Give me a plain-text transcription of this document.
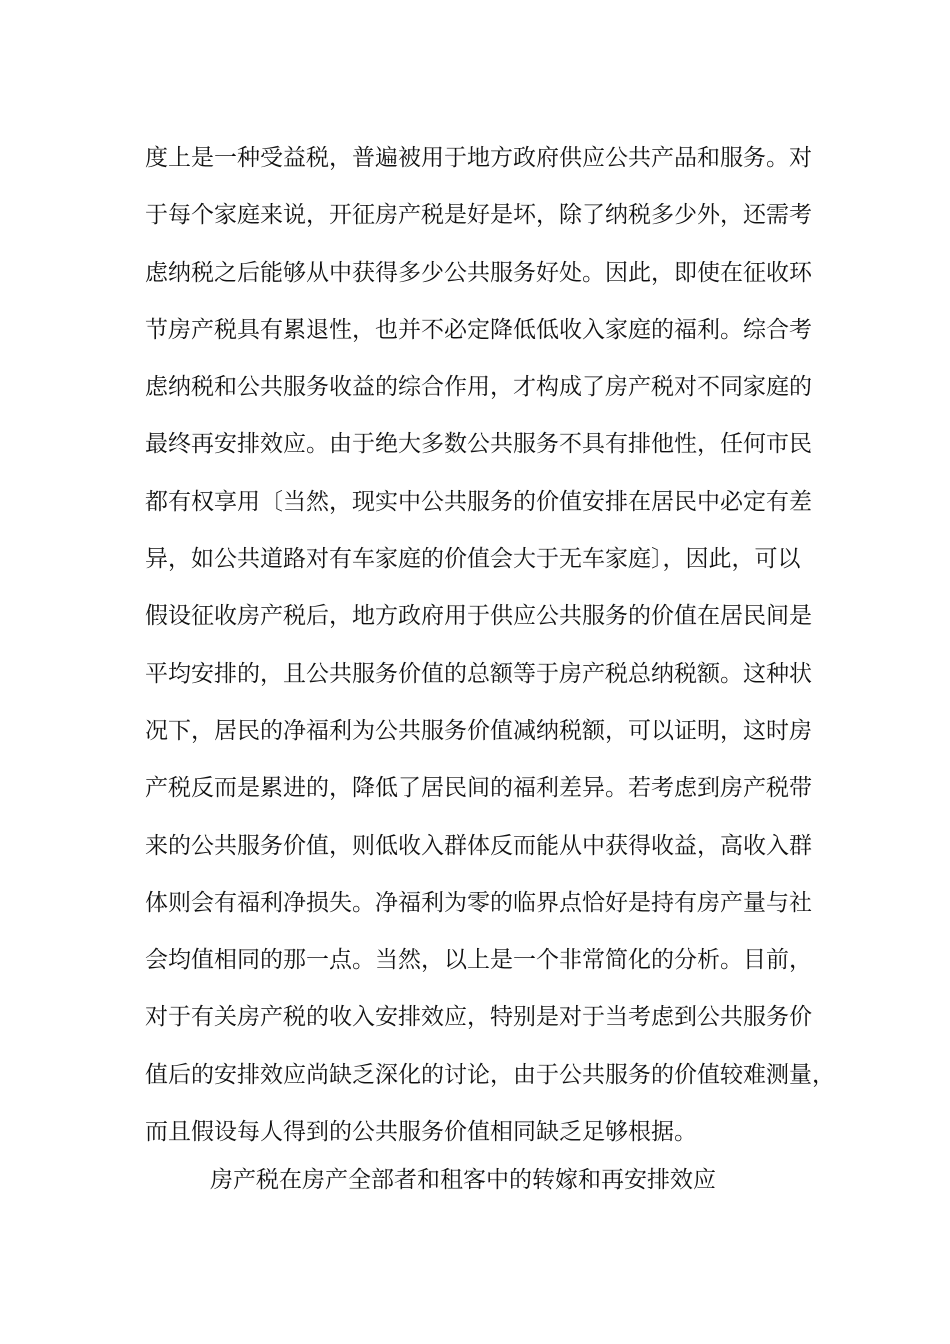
度上是一种受益税，普遍被用于地方政府供应公共产品和服务。对
于每个家庭来说，开征房产税是好是坏，除了纳税多少外，还需考
虑纳税之后能够从中获得多少公共服务好处。因此，即使在征收环
节房产税具有累退性，也并不必定降低低收入家庭的福利。综合考
虑纳税和公共服务收益的综合作用，才构成了房产税对不同家庭的
最终再安排效应。由于绝大多数公共服务不具有排他性，任何市民
都有权享用〔当然，现实中公共服务的价值安排在居民中必定有差
异，如公共道路对有车家庭的价值会大于无车家庭〕，因此，可以
假设征收房产税后，地方政府用于供应公共服务的价值在居民间是
平均安排的，且公共服务价值的总额等于房产税总纳税额。这种状
况下，居民的净福利为公共服务价值减纳税额，可以证明，这时房
产税反而是累进的，降低了居民间的福利差异。若考虑到房产税带
来的公共服务价值，则低收入群体反而能从中获得收益，高收入群
体则会有福利净损失。净福利为零的临界点恰好是持有房产量与社
会均值相同的那一点。当然，以上是一个非常简化的分析。目前，
对于有关房产税的收入安排效应，特别是对于当考虑到公共服务价
值后的安排效应尚缺乏深化的讨论，由于公共服务的价值较难测量，
而且假设每人得到的公共服务价值相同缺乏足够根据。

房产税在房产全部者和租客中的转嫁和再安排效应
